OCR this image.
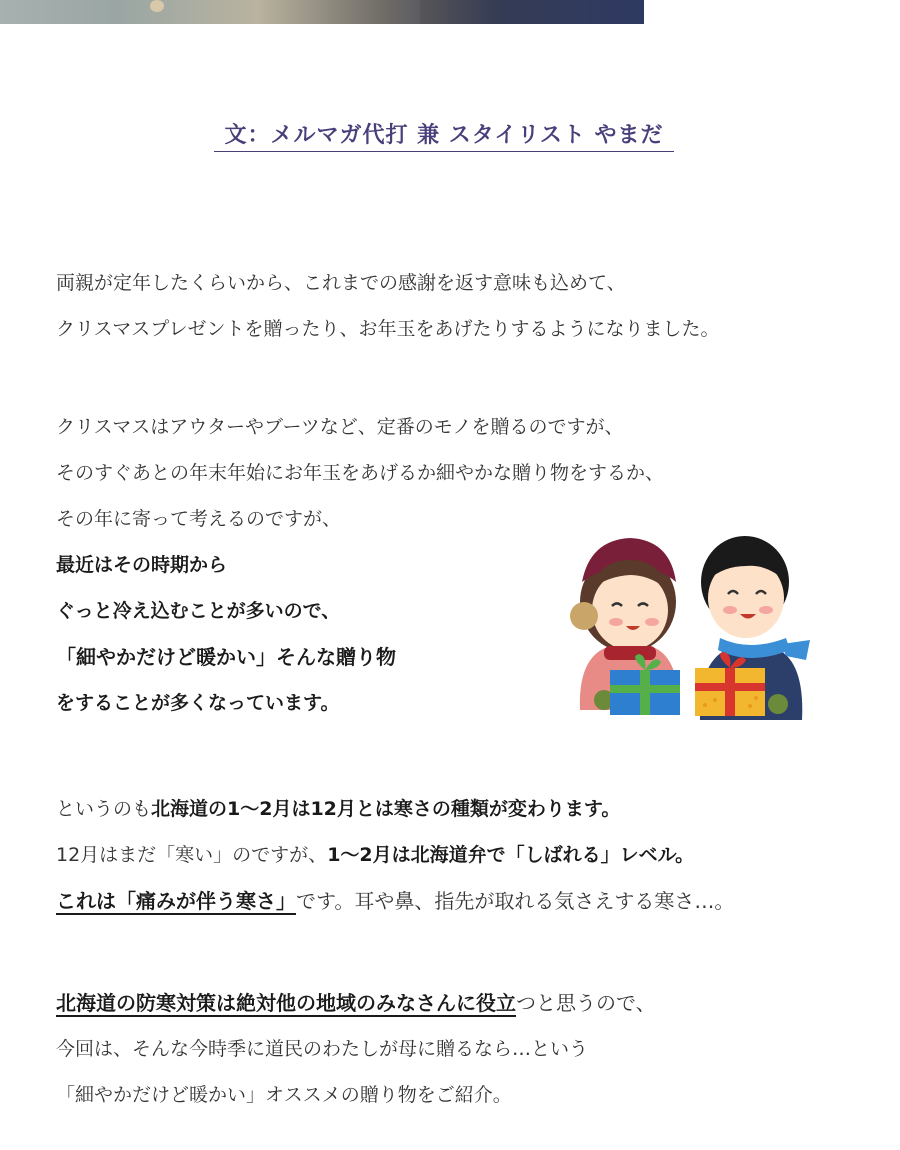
文：メルマガ代打 兼 スタイリスト やまだ
両親が定年したくらいから、これまでの感謝を返す意味も込めて、
クリスマスプレゼントを贈ったり、お年玉をあげたりするようになりました。
クリスマスはアウターやブーツなど、定番のモノを贈るのですが、
そのすぐあとの年末年始にお年玉をあげるか細やかな贈り物をするか、
その年に寄って考えるのですが、
最近はその時期から
ぐっと冷え込むことが多いので、
「細やかだけど暖かい」そんな贈り物
をすることが多くなっています。
というのも北海道の1〜2月は12月とは寒さの種類が変わります。
12月はまだ「寒い」のですが、1〜2月は北海道弁で「しばれる」レベル。
これは「痛みが伴う寒さ」です。耳や鼻、指先が取れる気さえする寒さ…。
北海道の防寒対策は絶対他の地域のみなさんに役立つと思うので、
今回は、そんな今時季に道民のわたしが母に贈るなら…という
「細やかだけど暖かい」オススメの贈り物をご紹介。
